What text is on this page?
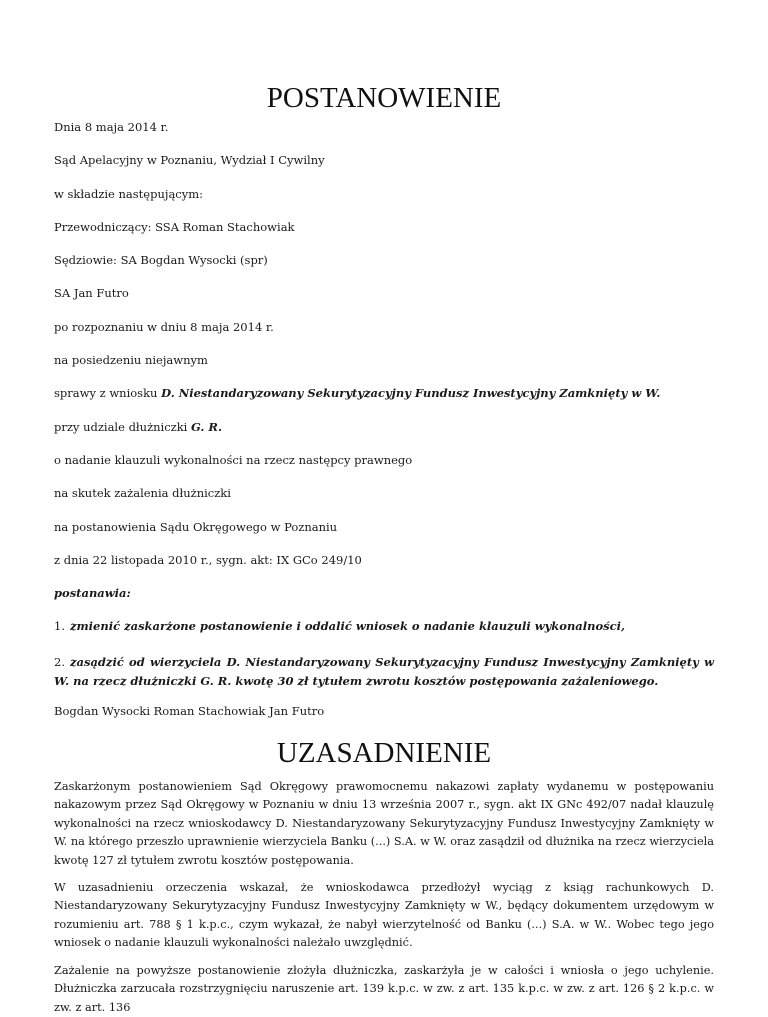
POSTANOWIENIE

Dnia 8 maja 2014 r.

Sąd Apelacyjny w Poznaniu, Wydział I Cywilny

w składzie następującym:

Przewodniczący: SSA Roman Stachowiak

Sędziowie: SA Bogdan Wysocki (spr)

SA Jan Futro

po rozpoznaniu w dniu 8 maja 2014 r.

na posiedzeniu niejawnym

sprawy z wniosku D. Niestandaryzowany Sekurytyzacyjny Fundusz Inwestycyjny Zamknięty w W.

przy udziale dłużniczki G. R.

o nadanie klauzuli wykonalności na rzecz następcy prawnego

na skutek zażalenia dłużniczki

na postanowienia Sądu Okręgowego w Poznaniu

z dnia 22 listopada 2010 r., sygn. akt: IX GCo 249/10

postanawia:

1. zmienić zaskarżone postanowienie i oddalić wniosek o nadanie klauzuli wykonalności,

2. zasądzić od wierzyciela D. Niestandaryzowany Sekurytyzacyjny Fundusz Inwestycyjny Zamknięty w W. na rzecz dłużniczki G. R. kwotę 30 zł tytułem zwrotu kosztów postępowania zażaleniowego.

Bogdan Wysocki Roman Stachowiak Jan Futro

UZASADNIENIE

Zaskarżonym postanowieniem Sąd Okręgowy prawomocnemu nakazowi zapłaty wydanemu w postępowaniu nakazowym przez Sąd Okręgowy w Poznaniu w dniu 13 września 2007 r., sygn. akt IX GNc 492/07 nadał klauzulę wykonalności na rzecz wnioskodawcy D. Niestandaryzowany Sekurytyzacyjny Fundusz Inwestycyjny Zamknięty w W. na którego przeszło uprawnienie wierzyciela Banku (...) S.A. w W. oraz zasądził od dłużnika na rzecz wierzyciela kwotę 127 zł tytułem zwrotu kosztów postępowania.

W uzasadnieniu orzeczenia wskazał, że wnioskodawca przedłożył wyciąg z ksiąg rachunkowych D. Niestandaryzowany Sekurytyzacyjny Fundusz Inwestycyjny Zamknięty w W., będący dokumentem urzędowym w rozumieniu art. 788 § 1 k.p.c., czym wykazał, że nabył wierzytelność od Banku (...) S.A. w W.. Wobec tego jego wniosek o nadanie klauzuli wykonalności należało uwzględnić.

Zażalenie na powyższe postanowienie złożyła dłużniczka, zaskarżyła je w całości i wniosła o jego uchylenie. Dłużniczka zarzucała rozstrzygnięciu naruszenie art. 139 k.p.c. w zw. z art. 135 k.p.c. w zw. z art. 126 § 2 k.p.c. w zw. z art. 136
